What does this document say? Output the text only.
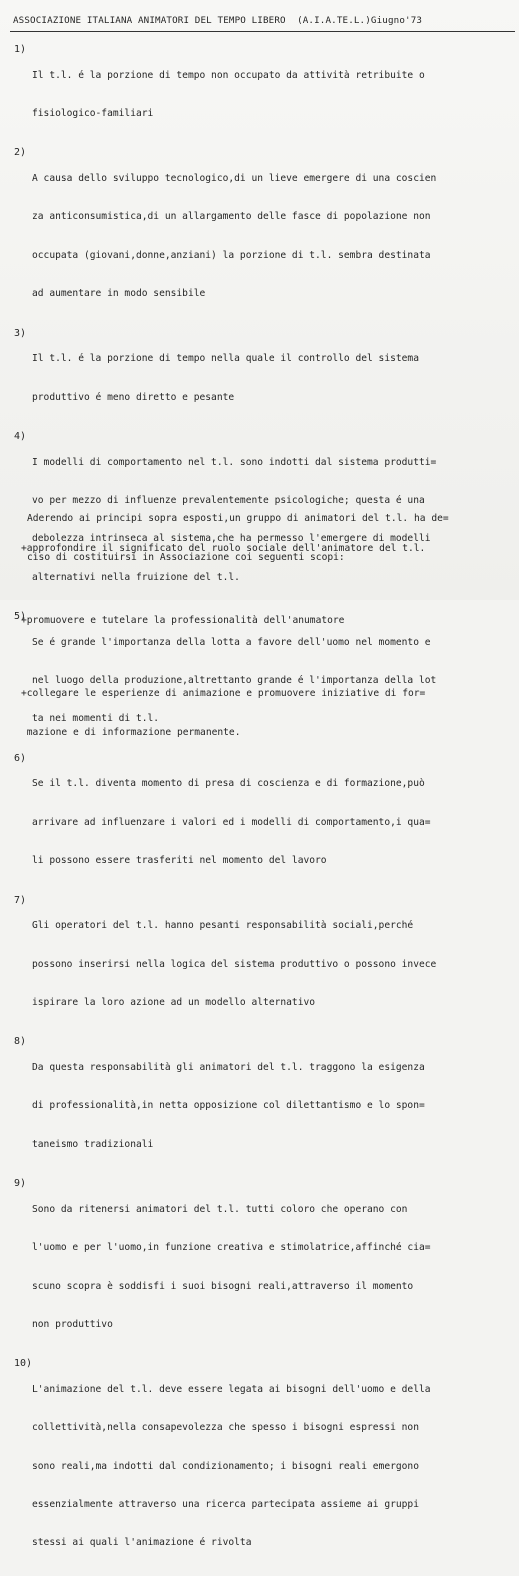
ASSOCIAZIONE ITALIANA ANIMATORI DEL TEMPO LIBERO  (A.I.A.TE.L.)Giugno'73
1)

Il t.l. é la porzione di tempo non occupato da attività retribuite o

fisiologico-familiari

2)

A causa dello sviluppo tecnologico,di un lieve emergere di una coscien

za anticonsumistica,di un allargamento delle fasce di popolazione non

occupata (giovani,donne,anziani) la porzione di t.l. sembra destinata

ad aumentare in modo sensibile

3)

Il t.l. é la porzione di tempo nella quale il controllo del sistema

produttivo é meno diretto e pesante

4)

I modelli di comportamento nel t.l. sono indotti dal sistema produtti=

vo per mezzo di influenze prevalentemente psicologiche; questa é una

debolezza intrinseca al sistema,che ha permesso l'emergere di modelli

alternativi nella fruizione del t.l.

5)

Se é grande l'importanza della lotta a favore dell'uomo nel momento e

nel luogo della produzione,altrettanto grande é l'importanza della lot

ta nei momenti di t.l.

6)

Se il t.l. diventa momento di presa di coscienza e di formazione,può

arrivare ad influenzare i valori ed i modelli di comportamento,i qua=

li possono essere trasferiti nel momento del lavoro

7)

Gli operatori del t.l. hanno pesanti responsabilità sociali,perché

possono inserirsi nella logica del sistema produttivo o possono invece

ispirare la loro azione ad un modello alternativo

8)

Da questa responsabilità gli animatori del t.l. traggono la esigenza

di professionalità,in netta opposizione col dilettantismo e lo spon=

taneismo tradizionali

9)

Sono da ritenersi animatori del t.l. tutti coloro che operano con

l'uomo e per l'uomo,in funzione creativa e stimolatrice,affinché cia=

scuno scopra è soddisfi i suoi bisogni reali,attraverso il momento

non produttivo

10)

L'animazione del t.l. deve essere legata ai bisogni dell'uomo e della

collettività,nella consapevolezza che spesso i bisogni espressi non

sono reali,ma indotti dal condizionamento; i bisogni reali emergono

essenzialmente attraverso una ricerca partecipata assieme ai gruppi

stessi ai quali l'animazione é rivolta

Aderendo ai principi sopra esposti,un gruppo di animatori del t.l. ha de=

ciso di costituirsi in Associazione coi seguenti scopi:

+approfondire il significato del ruolo sociale dell'animatore del t.l.

+promuovere e tutelare la professionalità dell'anumatore

+collegare le esperienze di animazione e promuovere iniziative di for=

mazione e di informazione permanente.
